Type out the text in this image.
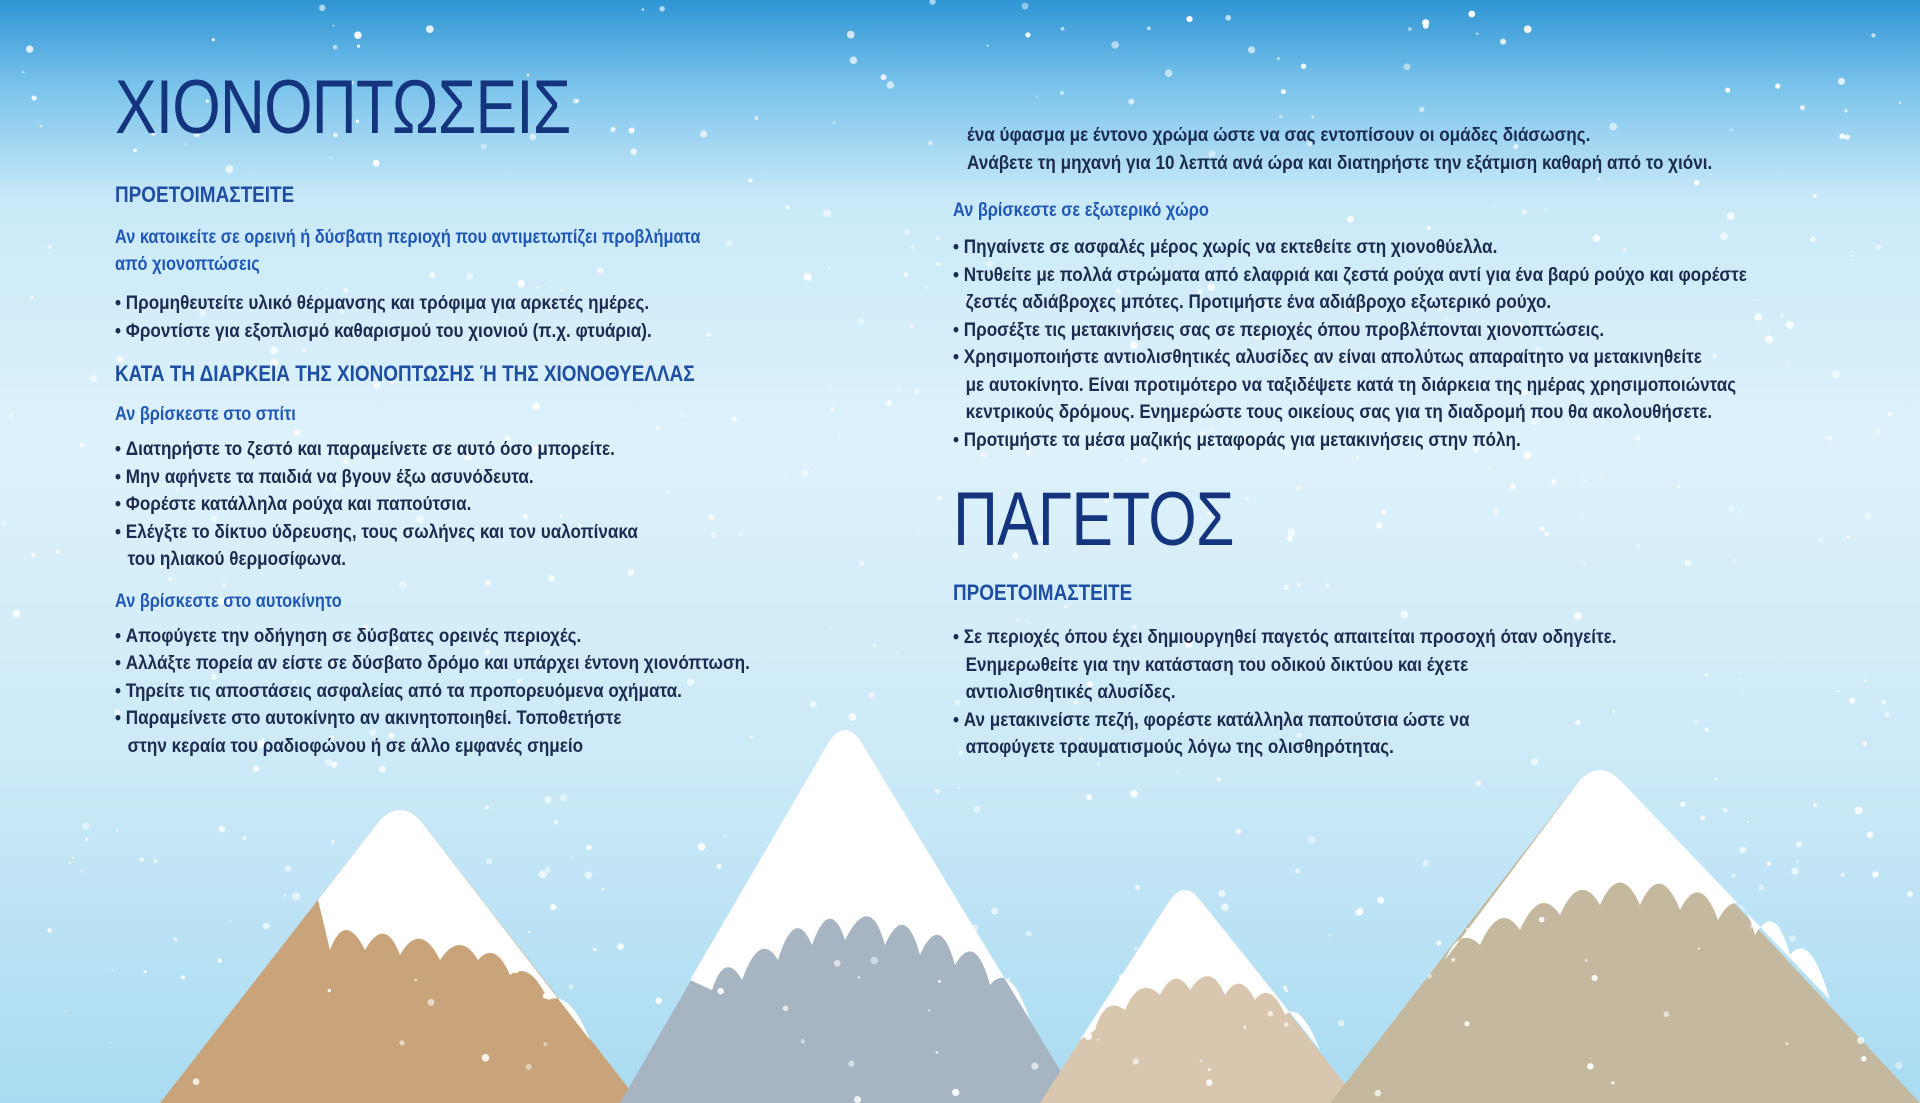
ΧΙΟΝΟΠΤΩΣΕΙΣ
ΠΡΟΕΤΟΙΜΑΣΤΕΙΤΕ
Αν κατοικείτε σε ορεινή ή δύσβατη περιοχή που αντιμετωπίζει προβλήματα
από χιονοπτώσεις
• Προμηθευτείτε υλικό θέρμανσης και τρόφιμα για αρκετές ημέρες.
• Φροντίστε για εξοπλισμό καθαρισμού του χιονιού (π.χ. φτυάρια).
ΚΑΤΑ ΤΗ ΔΙΑΡΚΕΙΑ ΤΗΣ ΧΙΟΝΟΠΤΩΣΗΣ Ή ΤΗΣ ΧΙΟΝΟΘΥΕΛΛΑΣ
Αν βρίσκεστε στο σπίτι
• Διατηρήστε το ζεστό και παραμείνετε σε αυτό όσο μπορείτε.
• Μην αφήνετε τα παιδιά να βγουν έξω ασυνόδευτα.
• Φορέστε κατάλληλα ρούχα και παπούτσια.
• Ελέγξτε το δίκτυο ύδρευσης, τους σωλήνες και τον υαλοπίνακα
του ηλιακού θερμοσίφωνα.
Αν βρίσκεστε στο αυτοκίνητο
• Αποφύγετε την οδήγηση σε δύσβατες ορεινές περιοχές.
• Αλλάξτε πορεία αν είστε σε δύσβατο δρόμο και υπάρχει έντονη χιονόπτωση.
• Τηρείτε τις αποστάσεις ασφαλείας από τα προπορευόμενα οχήματα.
• Παραμείνετε στο αυτοκίνητο αν ακινητοποιηθεί. Τοποθετήστε
στην κεραία του ραδιοφώνου ή σε άλλο εμφανές σημείο
ένα ύφασμα με έντονο χρώμα ώστε να σας εντοπίσουν οι ομάδες διάσωσης.
Ανάβετε τη μηχανή για 10 λεπτά ανά ώρα και διατηρήστε την εξάτμιση καθαρή από το χιόνι.
Αν βρίσκεστε σε εξωτερικό χώρο
• Πηγαίνετε σε ασφαλές μέρος χωρίς να εκτεθείτε στη χιονοθύελλα.
• Ντυθείτε με πολλά στρώματα από ελαφριά και ζεστά ρούχα αντί για ένα βαρύ ρούχο και φορέστε
ζεστές αδιάβροχες μπότες. Προτιμήστε ένα αδιάβροχο εξωτερικό ρούχο.
• Προσέξτε τις μετακινήσεις σας σε περιοχές όπου προβλέπονται χιονοπτώσεις.
• Χρησιμοποιήστε αντιολισθητικές αλυσίδες αν είναι απολύτως απαραίτητο να μετακινηθείτε
με αυτοκίνητο. Είναι προτιμότερο να ταξιδέψετε κατά τη διάρκεια της ημέρας χρησιμοποιώντας
κεντρικούς δρόμους. Ενημερώστε τους οικείους σας για τη διαδρομή που θα ακολουθήσετε.
• Προτιμήστε τα μέσα μαζικής μεταφοράς για μετακινήσεις στην πόλη.
ΠΑΓΕΤΟΣ
ΠΡΟΕΤΟΙΜΑΣΤΕΙΤΕ
• Σε περιοχές όπου έχει δημιουργηθεί παγετός απαιτείται προσοχή όταν οδηγείτε.
Ενημερωθείτε για την κατάσταση του οδικού δικτύου και έχετε
αντιολισθητικές αλυσίδες.
• Αν μετακινείστε πεζή, φορέστε κατάλληλα παπούτσια ώστε να
αποφύγετε τραυματισμούς λόγω της ολισθηρότητας.
